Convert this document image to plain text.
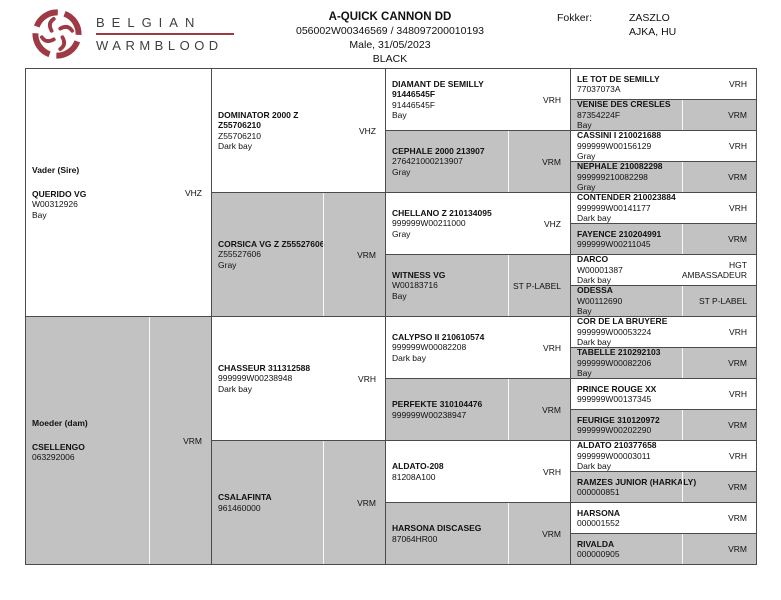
BELGIAN
WARMBLOOD
A-QUICK CANNON DD
056002W00346569 / 348097200010193
Male, 31/05/2023
BLACK
Fokker:	ZASZLO
AJKA, HU
Vader (Sire)
QUERIDO VG
W00312926
Bay
VHZ
Moeder (dam)
CSELLENGO
063292006
VRM
DOMINATOR 2000 Z
Z55706210
Z55706210
Dark bay
VHZ
CORSICA VG Z Z55527606
Z55527606
Gray
VRM
CHASSEUR 311312588
999999W00238948
Dark bay
VRH
CSALAFINTA
961460000	VRM
DIAMANT DE SEMILLY
91446545F
91446545F
Bay
VRH
CEPHALE 2000 213907
276421000213907
Gray
VRM
CHELLANO Z 210134095
999999W00211000
Gray
VHZ
WITNESS VG
W00183716
Bay
ST P-LABEL
CALYPSO II 210610574
999999W00082208
Dark bay
VRH
PERFEKTE 310104476
999999W00238947	VRM
ALDATO-208
81208A100	VRH
HARSONA DISCASEG
87064HR00	VRM
LE TOT DE SEMILLY
77037073A	VRH
VENISE DES CRESLES
87354224F
Bay
VRM
CASSINI I 210021688
999999W00156129
Gray
VRH
NEPHALE 210082298
999999210082298
Gray
VRM
CONTENDER 210023884
999999W00141177
Dark bay
VRH
FAYENCE 210204991
999999W00211045	VRM
DARCO
W00001387
Dark bay
HGT AMBASSADEUR
ODESSA
W00112690
Bay
ST P-LABEL
COR DE LA BRUYERE
999999W00053224
Dark bay
VRH
TABELLE 210292103
999999W00082206
Bay
VRM
PRINCE ROUGE XX
999999W00137345	VRH
FEURIGE 310120972
999999W00202290	VRM
ALDATO 210377658
999999W00003011
Dark bay
VRH
RAMZES JUNIOR (HARKALY)
000000851	VRM
HARSONA
000001552	VRM
RIVALDA
000000905	VRM
